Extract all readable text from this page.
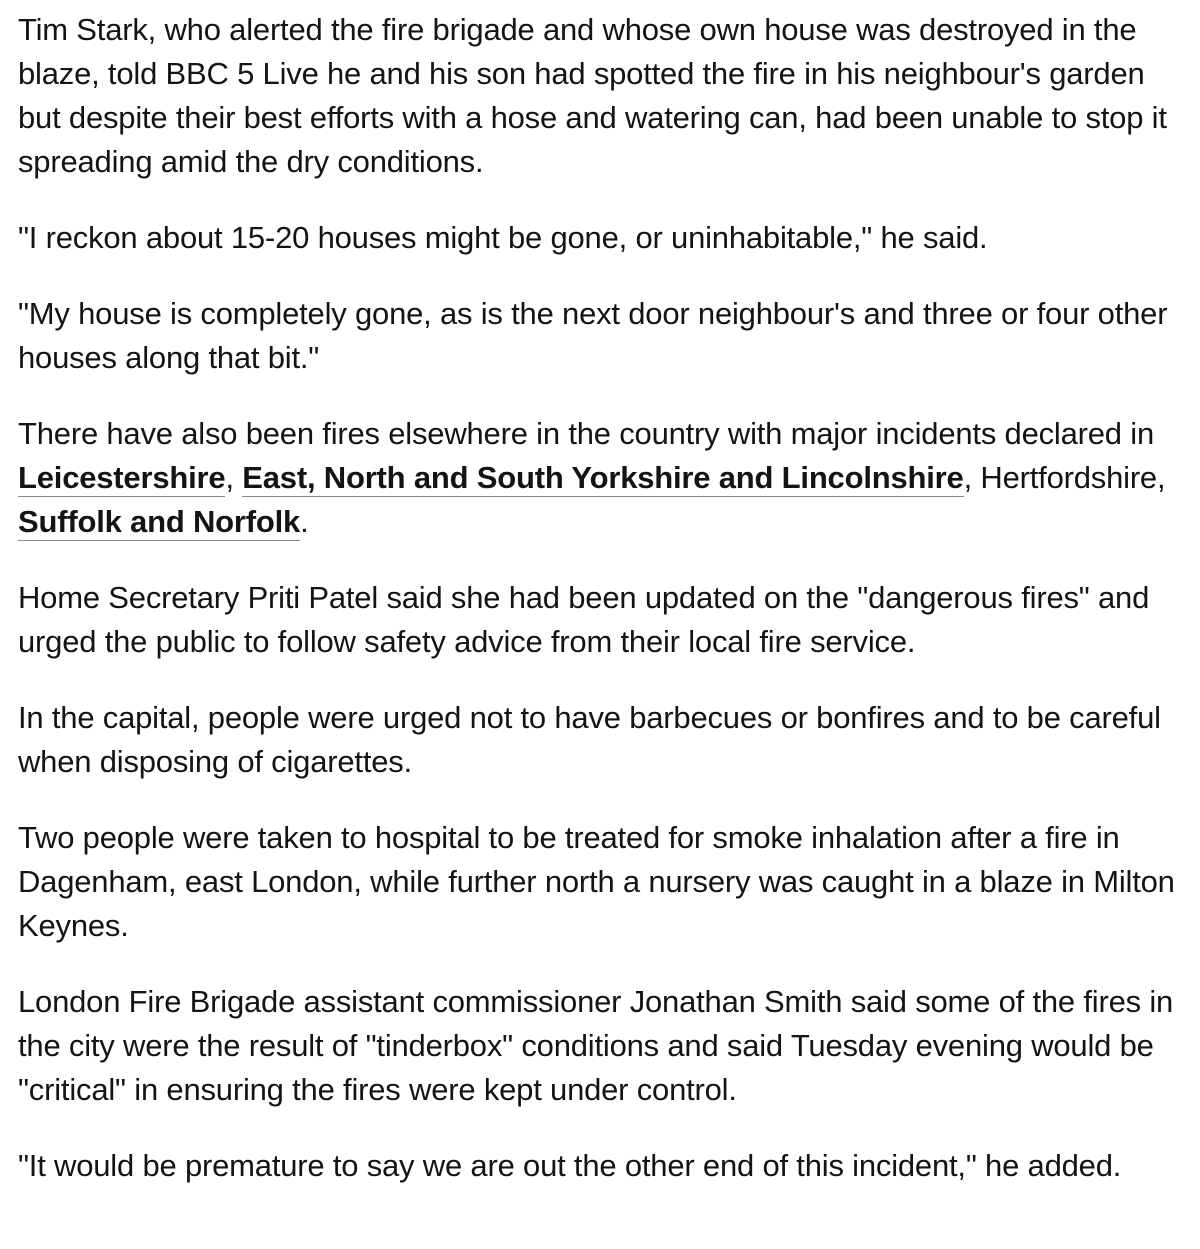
Tim Stark, who alerted the fire brigade and whose own house was destroyed in the blaze, told BBC 5 Live he and his son had spotted the fire in his neighbour's garden but despite their best efforts with a hose and watering can, had been unable to stop it spreading amid the dry conditions.

"I reckon about 15-20 houses might be gone, or uninhabitable," he said.

"My house is completely gone, as is the next door neighbour's and three or four other houses along that bit."

There have also been fires elsewhere in the country with major incidents declared in Leicestershire, East, North and South Yorkshire and Lincolnshire, Hertfordshire, Suffolk and Norfolk.

Home Secretary Priti Patel said she had been updated on the "dangerous fires" and urged the public to follow safety advice from their local fire service.

In the capital, people were urged not to have barbecues or bonfires and to be careful when disposing of cigarettes.

Two people were taken to hospital to be treated for smoke inhalation after a fire in Dagenham, east London, while further north a nursery was caught in a blaze in Milton Keynes.

London Fire Brigade assistant commissioner Jonathan Smith said some of the fires in the city were the result of "tinderbox" conditions and said Tuesday evening would be "critical" in ensuring the fires were kept under control.

"It would be premature to say we are out the other end of this incident," he added.
